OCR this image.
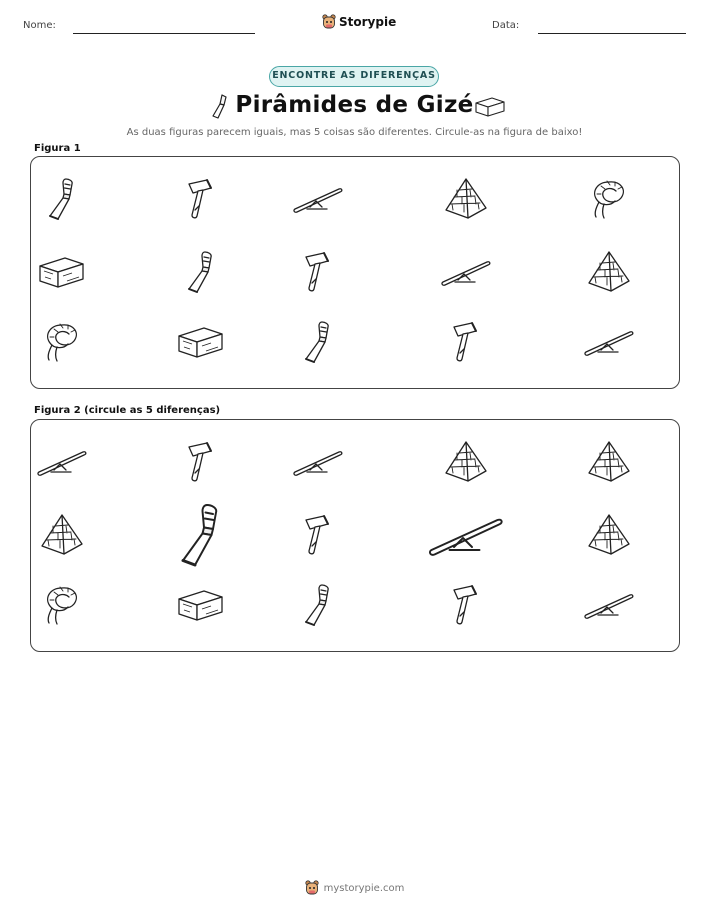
Nome:	Storypie	Data:
ENCONTRE AS DIFERENÇAS
Pirâmides de Gizé
As duas figuras parecem iguais, mas 5 coisas são diferentes. Circule-as na figura de baixo!
Figura 1
Figura 2 (circule as 5 diferenças)
mystorypie.com
